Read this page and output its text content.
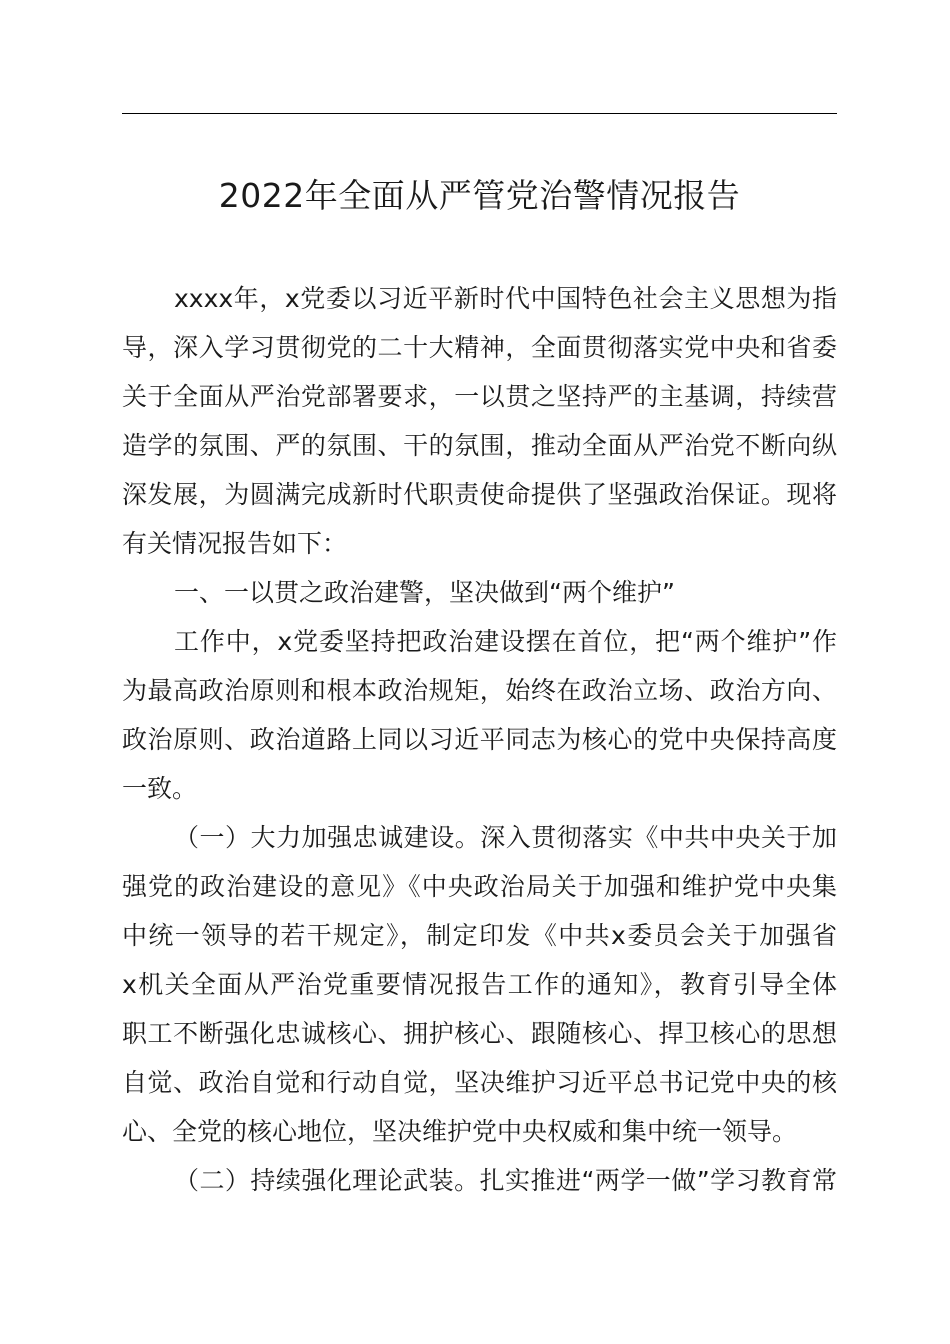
2022年全面从严管党治警情况报告
xxxx年，x党委以习近平新时代中国特色社会主义思想为指
导，深入学习贯彻党的二十大精神，全面贯彻落实党中央和省委
关于全面从严治党部署要求，一以贯之坚持严的主基调，持续营
造学的氛围、严的氛围、干的氛围，推动全面从严治党不断向纵
深发展，为圆满完成新时代职责使命提供了坚强政治保证。现将
有关情况报告如下：
一、一以贯之政治建警，坚决做到“两个维护”
工作中，x党委坚持把政治建设摆在首位，把“两个维护”作
为最高政治原则和根本政治规矩，始终在政治立场、政治方向、
政治原则、政治道路上同以习近平同志为核心的党中央保持高度
一致。
（一）大力加强忠诚建设。深入贯彻落实《中共中央关于加
强党的政治建设的意见》《中央政治局关于加强和维护党中央集
中统一领导的若干规定》，制定印发《中共x委员会关于加强省
x机关全面从严治党重要情况报告工作的通知》，教育引导全体
职工不断强化忠诚核心、拥护核心、跟随核心、捍卫核心的思想
自觉、政治自觉和行动自觉，坚决维护习近平总书记党中央的核
心、全党的核心地位，坚决维护党中央权威和集中统一领导。
（二）持续强化理论武装。扎实推进“两学一做”学习教育常
